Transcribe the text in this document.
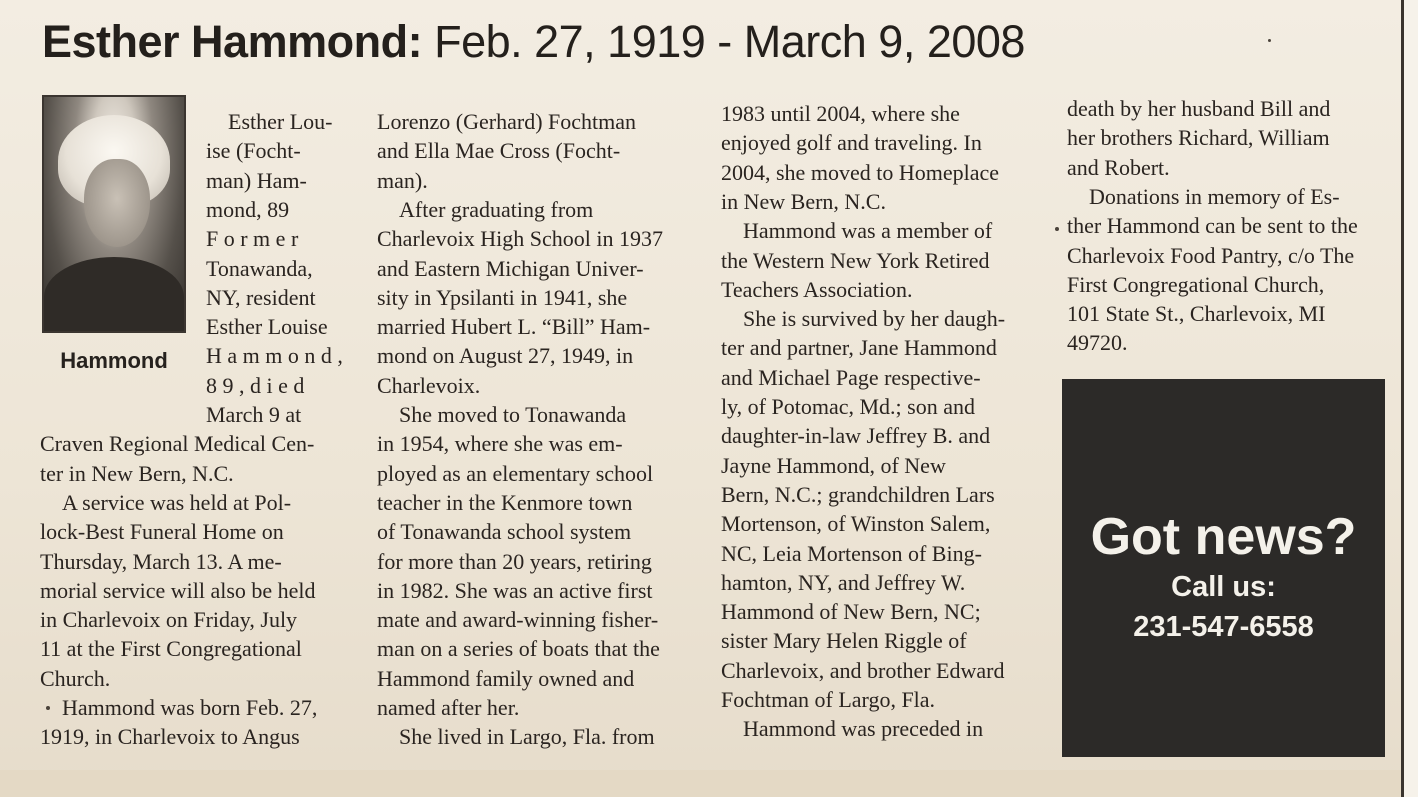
Esther Hammond: Feb. 27, 1919 - March 9, 2008
Hammond
Esther Lou-
ise (Focht-
man) Ham-
mond, 89
F o r m e r
Tonawanda,
NY, resident
Esther Louise
H a m m o n d ,
8 9 , d i e d
March 9 at
Craven Regional Medical Cen-
ter in New Bern, N.C.
A service was held at Pol-
lock-Best Funeral Home on
Thursday, March 13. A me-
morial service will also be held
in Charlevoix on Friday, July
11 at the First Congregational
Church.
Hammond was born Feb. 27,
1919, in Charlevoix to Angus
Lorenzo (Gerhard) Fochtman
and Ella Mae Cross (Focht-
man).
After graduating from
Charlevoix High School in 1937
and Eastern Michigan Univer-
sity in Ypsilanti in 1941, she
married Hubert L. “Bill” Ham-
mond on August 27, 1949, in
Charlevoix.
She moved to Tonawanda
in 1954, where she was em-
ployed as an elementary school
teacher in the Kenmore town
of Tonawanda school system
for more than 20 years, retiring
in 1982. She was an active first
mate and award-winning fisher-
man on a series of boats that the
Hammond family owned and
named after her.
She lived in Largo, Fla. from
1983 until 2004, where she
enjoyed golf and traveling. In
2004, she moved to Homeplace
in New Bern, N.C.
Hammond was a member of
the Western New York Retired
Teachers Association.
She is survived by her daugh-
ter and partner, Jane Hammond
and Michael Page respective-
ly, of Potomac, Md.; son and
daughter-in-law Jeffrey B. and
Jayne Hammond, of New
Bern, N.C.; grandchildren Lars
Mortenson, of Winston Salem,
NC, Leia Mortenson of Bing-
hamton, NY, and Jeffrey W.
Hammond of New Bern, NC;
sister Mary Helen Riggle of
Charlevoix, and brother Edward
Fochtman of Largo, Fla.
Hammond was preceded in
death by her husband Bill and
her brothers Richard, William
and Robert.
Donations in memory of Es-
ther Hammond can be sent to the
Charlevoix Food Pantry, c/o The
First Congregational Church,
101 State St., Charlevoix, MI
49720.
Got news?
Call us:
231-547-6558
